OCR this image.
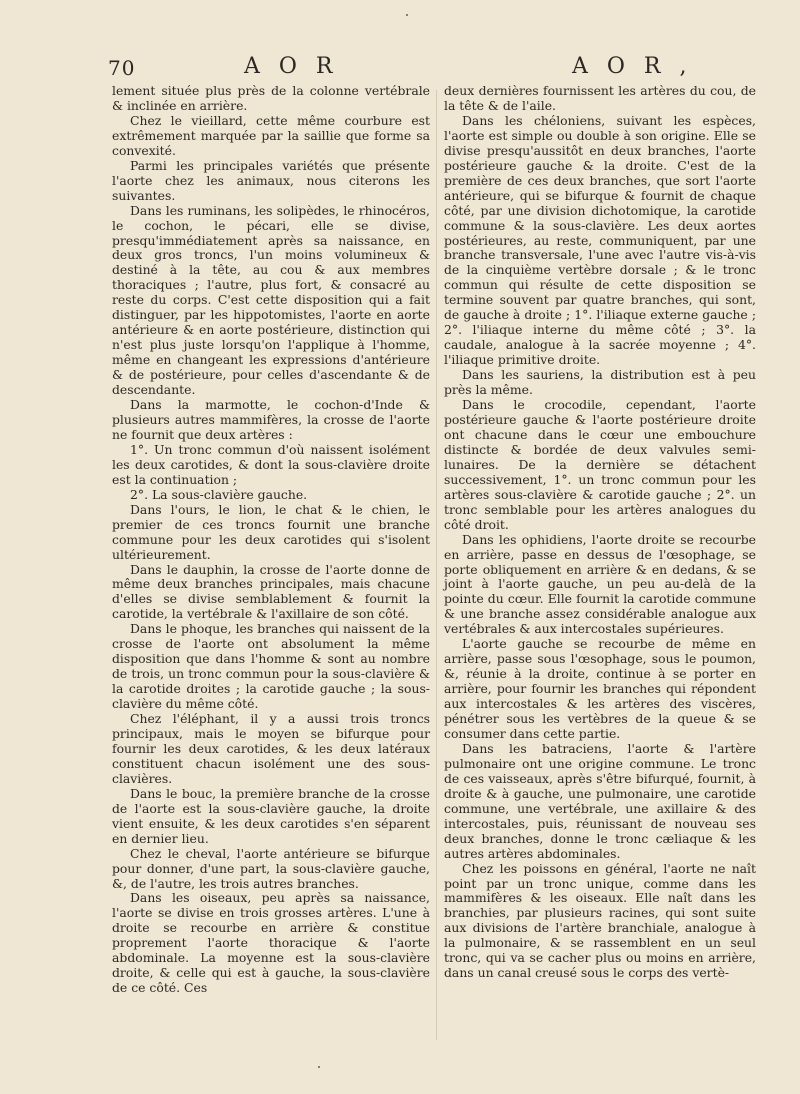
70	A O R	A O R ,

lement située plus près de la colonne vertébrale & inclinée en arrière.

Chez le vieillard, cette même courbure est extrêmement marquée par la saillie que forme sa convexité.

Parmi les principales variétés que présente l'aorte chez les animaux, nous citerons les suivantes.

Dans les ruminans, les solipèdes, le rhinocéros, le cochon, le pécari, elle se divise, presqu'immédiatement après sa naissance, en deux gros troncs, l'un moins volumineux & destiné à la tête, au cou & aux membres thoraciques ; l'autre, plus fort, & consacré au reste du corps. C'est cette disposition qui a fait distinguer, par les hippotomistes, l'aorte en aorte antérieure & en aorte postérieure, distinction qui n'est plus juste lorsqu'on l'applique à l'homme, même en changeant les expressions d'antérieure & de postérieure, pour celles d'ascendante & de descendante.

Dans la marmotte, le cochon-d'Inde & plusieurs autres mammifères, la crosse de l'aorte ne fournit que deux artères :

1°. Un tronc commun d'où naissent isolément les deux carotides, & dont la sous-clavière droite est la continuation ;

2°. La sous-clavière gauche.

Dans l'ours, le lion, le chat & le chien, le premier de ces troncs fournit une branche commune pour les deux carotides qui s'isolent ultérieurement.

Dans le dauphin, la crosse de l'aorte donne de même deux branches principales, mais chacune d'elles se divise semblablement & fournit la carotide, la vertébrale & l'axillaire de son côté.

Dans le phoque, les branches qui naissent de la crosse de l'aorte ont absolument la même disposition que dans l'homme & sont au nombre de trois, un tronc commun pour la sous-clavière & la carotide droites ; la carotide gauche ; la sous-clavière du même côté.

Chez l'éléphant, il y a aussi trois troncs principaux, mais le moyen se bifurque pour fournir les deux carotides, & les deux latéraux constituent chacun isolément une des sous-clavières.

Dans le bouc, la première branche de la crosse de l'aorte est la sous-clavière gauche, la droite vient ensuite, & les deux carotides s'en séparent en dernier lieu.

Chez le cheval, l'aorte antérieure se bifurque pour donner, d'une part, la sous-clavière gauche, &, de l'autre, les trois autres branches.

Dans les oiseaux, peu après sa naissance, l'aorte se divise en trois grosses artères. L'une à droite se recourbe en arrière & constitue proprement l'aorte thoracique & l'aorte abdominale. La moyenne est la sous-clavière droite, & celle qui est à gauche, la sous-clavière de ce côté. Ces

deux dernières fournissent les artères du cou, de la tête & de l'aile.

Dans les chéloniens, suivant les espèces, l'aorte est simple ou double à son origine. Elle se divise presqu'aussitôt en deux branches, l'aorte postérieure gauche & la droite. C'est de la première de ces deux branches, que sort l'aorte antérieure, qui se bifurque & fournit de chaque côté, par une division dichotomique, la carotide commune & la sous-clavière. Les deux aortes postérieures, au reste, communiquent, par une branche transversale, l'une avec l'autre vis-à-vis de la cinquième vertèbre dorsale ; & le tronc commun qui résulte de cette disposition se termine souvent par quatre branches, qui sont, de gauche à droite ; 1°. l'iliaque externe gauche ; 2°. l'iliaque interne du même côté ; 3°. la caudale, analogue à la sacrée moyenne ; 4°. l'iliaque primitive droite.

Dans les sauriens, la distribution est à peu près la même.

Dans le crocodile, cependant, l'aorte postérieure gauche & l'aorte postérieure droite ont chacune dans le cœur une embouchure distincte & bordée de deux valvules semi-lunaires. De la dernière se détachent successivement, 1°. un tronc commun pour les artères sous-clavière & carotide gauche ; 2°. un tronc semblable pour les artères analogues du côté droit.

Dans les ophidiens, l'aorte droite se recourbe en arrière, passe en dessus de l'œsophage, se porte obliquement en arrière & en dedans, & se joint à l'aorte gauche, un peu au-delà de la pointe du cœur. Elle fournit la carotide commune & une branche assez considérable analogue aux vertébrales & aux intercostales supérieures.

L'aorte gauche se recourbe de même en arrière, passe sous l'œsophage, sous le poumon, &, réunie à la droite, continue à se porter en arrière, pour fournir les branches qui répondent aux intercostales & les artères des viscères, pénétrer sous les vertèbres de la queue & se consumer dans cette partie.

Dans les batraciens, l'aorte & l'artère pulmonaire ont une origine commune. Le tronc de ces vaisseaux, après s'être bifurqué, fournit, à droite & à gauche, une pulmonaire, une carotide commune, une vertébrale, une axillaire & des intercostales, puis, réunissant de nouveau ses deux branches, donne le tronc cæliaque & les autres artères abdominales.

Chez les poissons en général, l'aorte ne naît point par un tronc unique, comme dans les mammifères & les oiseaux. Elle naît dans les branchies, par plusieurs racines, qui sont suite aux divisions de l'artère branchiale, analogue à la pulmonaire, & se rassemblent en un seul tronc, qui va se cacher plus ou moins en arrière, dans un canal creusé sous le corps des vertè-
